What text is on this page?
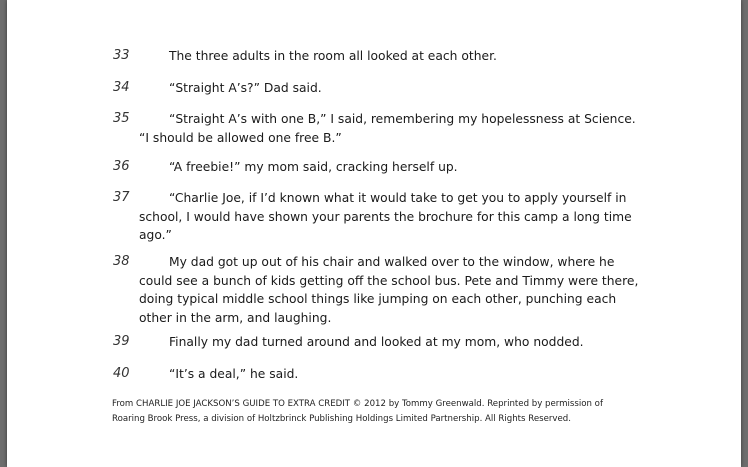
33	The three adults in the room all looked at each other.

34	“Straight A’s?” Dad said.

35	“Straight A’s with one B,” I said, remembering my hopelessness at Science. “I should be allowed one free B.”

36	“A freebie!” my mom said, cracking herself up.

37	“Charlie Joe, if I’d known what it would take to get you to apply yourself in school, I would have shown your parents the brochure for this camp a long time ago.”

38	My dad got up out of his chair and walked over to the window, where he could see a bunch of kids getting off the school bus. Pete and Timmy were there, doing typical middle school things like jumping on each other, punching each other in the arm, and laughing.

39	Finally my dad turned around and looked at my mom, who nodded.

40	“It’s a deal,” he said.

From CHARLIE JOE JACKSON’S GUIDE TO EXTRA CREDIT © 2012 by Tommy Greenwald. Reprinted by permission of Roaring Brook Press, a division of Holtzbrinck Publishing Holdings Limited Partnership. All Rights Reserved.
